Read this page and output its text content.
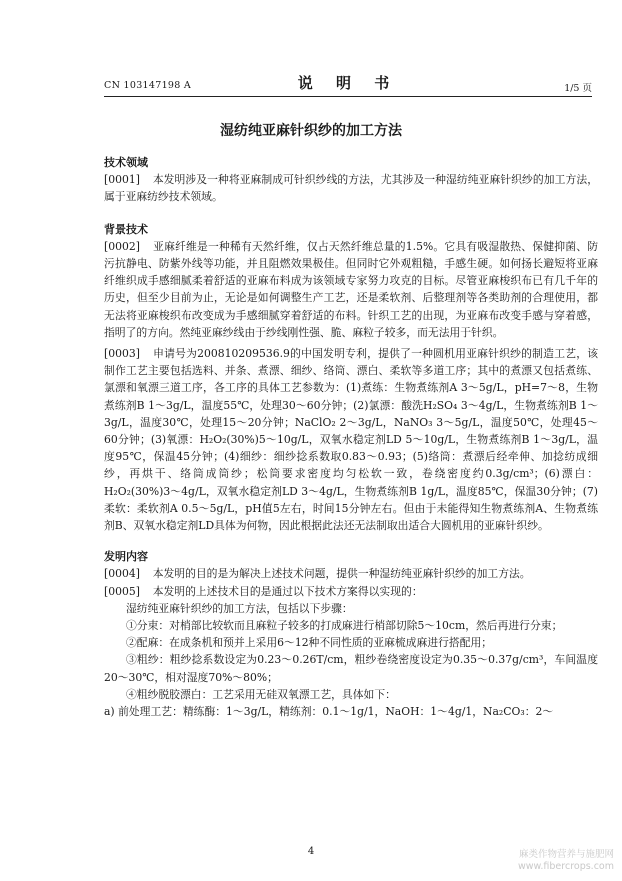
CN 103147198 A	说 明 书	1/5 页
湿纺纯亚麻针织纱的加工方法

技术领域

[0001]　 本发明涉及一种将亚麻制成可针织纱线的方法，尤其涉及一种湿纺纯亚麻针织纱的加工方法，属于亚麻纺纱技术领域。

背景技术

[0002]　 亚麻纤维是一种稀有天然纤维，仅占天然纤维总量的1.5%。它具有吸湿散热、保健抑菌、防污抗静电、防紫外线等功能，并且阻燃效果极佳。但同时它外观粗糙，手感生硬。如何扬长避短将亚麻纤维织成手感细腻柔着舒适的亚麻布料成为该领域专家努力攻克的目标。尽管亚麻梭织布已有几千年的历史，但至少目前为止，无论是如何调整生产工艺，还是柔软剂、后整理剂等各类助剂的合理使用，都无法将亚麻梭织布改变成为手感细腻穿着舒适的布料。针织工艺的出现，为亚麻布改变手感与穿着感，指明了的方向。然纯亚麻纱线由于纱线刚性强、脆、麻粒子较多，而无法用于针织。

[0003]　 申请号为200810209536.9的中国发明专利，提供了一种圆机用亚麻针织纱的制造工艺，该制作工艺主要包括选料、并条、煮漂、细纱、络筒、漂白、柔软等多道工序；其中的煮漂又包括煮练、氯漂和氧漂三道工序，各工序的具体工艺参数为：(1)煮练：生物煮练剂A 3～5g/L，pH=7～8，生物煮练剂B 1～3g/L，温度55℃，处理30～60分钟；(2)氯漂：酸洗H₂SO₄ 3～4g/L，生物煮练剂B 1～3g/L，温度30℃，处理15～20分钟；NaClO₂ 2～3g/L，NaNO₃ 3～5g/L，温度50℃，处理45～60分钟；(3)氧漂：H₂O₂(30%)5～10g/L，双氧水稳定剂LD 5～10g/L，生物煮练剂B 1～3g/L，温度95℃，保温45分钟；(4)细纱：细纱捻系数取0.83～0.93；(5)络筒：煮漂后经牵伸、加捻纺成细纱，再烘干、络筒成筒纱；松筒要求密度均匀松软一致，卷绕密度约0.3g/cm³；(6)漂白：H₂O₂(30%)3～4g/L，双氧水稳定剂LD 3～4g/L，生物煮练剂B 1g/L，温度85℃，保温30分钟；(7)柔软：柔软剂A 0.5～5g/L，pH值5左右，时间15分钟左右。但由于未能得知生物煮练剂A、生物煮练剂B、双氧水稳定剂LD具体为何物，因此根据此法还无法制取出适合大圆机用的亚麻针织纱。

发明内容

[0004]　 本发明的目的是为解决上述技术问题，提供一种湿纺纯亚麻针织纱的加工方法。

[0005]　 本发明的上述技术目的是通过以下技术方案得以实现的：

湿纺纯亚麻针织纱的加工方法，包括以下步骤：

①分束：对梢部比较软而且麻粒子较多的打成麻进行梢部切除5～10cm，然后再进行分束；

②配麻：在成条机和预并上采用6～12种不同性质的亚麻梳成麻进行搭配用；

③粗纱：粗纱捻系数设定为0.23～0.26T/cm，粗纱卷绕密度设定为0.35～0.37g/cm³，车间温度20～30℃，相对湿度70%～80%；

④粗纱脱胶漂白：工艺采用无硅双氧漂工艺，具体如下：

a) 前处理工艺：精练酶：1～3g/L，精练剂：0.1～1g/1，NaOH：1～4g/1，Na₂CO₃：2～

4	麻类作物营养与施肥网
www.fibercrops.com
